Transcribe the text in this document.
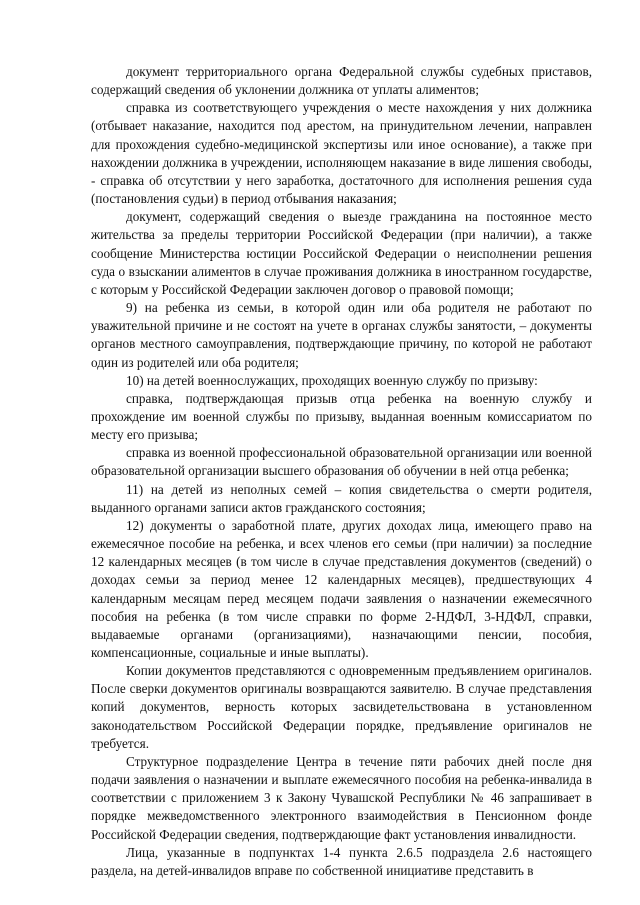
документ территориального органа Федеральной службы судебных приставов, содержащий сведения об уклонении должника от уплаты алиментов;

справка из соответствующего учреждения о месте нахождения у них должника (отбывает наказание, находится под арестом, на принудительном лечении, направлен для прохождения судебно-медицинской экспертизы или иное основание), а также при нахождении должника в учреждении, исполняющем наказание в виде лишения свободы, - справка об отсутствии у него заработка, достаточного для исполнения решения суда (постановления судьи) в период отбывания наказания;

документ, содержащий сведения о выезде гражданина на постоянное место жительства за пределы территории Российской Федерации (при наличии), а также сообщение Министерства юстиции Российской Федерации о неисполнении решения суда о взыскании алиментов в случае проживания должника в иностранном государстве, с которым у Российской Федерации заключен договор о правовой помощи;

9) на ребенка из семьи, в которой один или оба родителя не работают по уважительной причине и не состоят на учете в органах службы занятости, – документы органов местного самоуправления, подтверждающие причину, по которой не работают один из родителей или оба родителя;

10) на детей военнослужащих, проходящих военную службу по призыву:

справка, подтверждающая призыв отца ребенка на военную службу и прохождение им военной службы по призыву, выданная военным комиссариатом по месту его призыва;

справка из военной профессиональной образовательной организации или военной образовательной организации высшего образования об обучении в ней отца ребенка;

11) на детей из неполных семей – копия свидетельства о смерти родителя, выданного органами записи актов гражданского состояния;

12) документы о заработной плате, других доходах лица, имеющего право на ежемесячное пособие на ребенка, и всех членов его семьи (при наличии) за последние 12 календарных месяцев (в том числе в случае представления документов (сведений) о доходах семьи за период менее 12 календарных месяцев), предшествующих 4 календарным месяцам перед месяцем подачи заявления о назначении ежемесячного пособия на ребенка (в том числе справки по форме 2-НДФЛ, 3-НДФЛ, справки, выдаваемые органами (организациями), назначающими пенсии, пособия, компенсационные, социальные и иные выплаты).

Копии документов представляются с одновременным предъявлением оригиналов. После сверки документов оригиналы возвращаются заявителю. В случае представления копий документов, верность которых засвидетельствована в установленном законодательством Российской Федерации порядке, предъявление оригиналов не требуется.

Структурное подразделение Центра в течение пяти рабочих дней после дня подачи заявления о назначении и выплате ежемесячного пособия на ребенка-инвалида в соответствии с приложением 3 к Закону Чувашской Республики № 46 запрашивает в порядке межведомственного электронного взаимодействия в Пенсионном фонде Российской Федерации сведения, подтверждающие факт установления инвалидности.

Лица, указанные в подпунктах 1-4 пункта 2.6.5 подраздела 2.6 настоящего раздела, на детей-инвалидов вправе по собственной инициативе представить в
